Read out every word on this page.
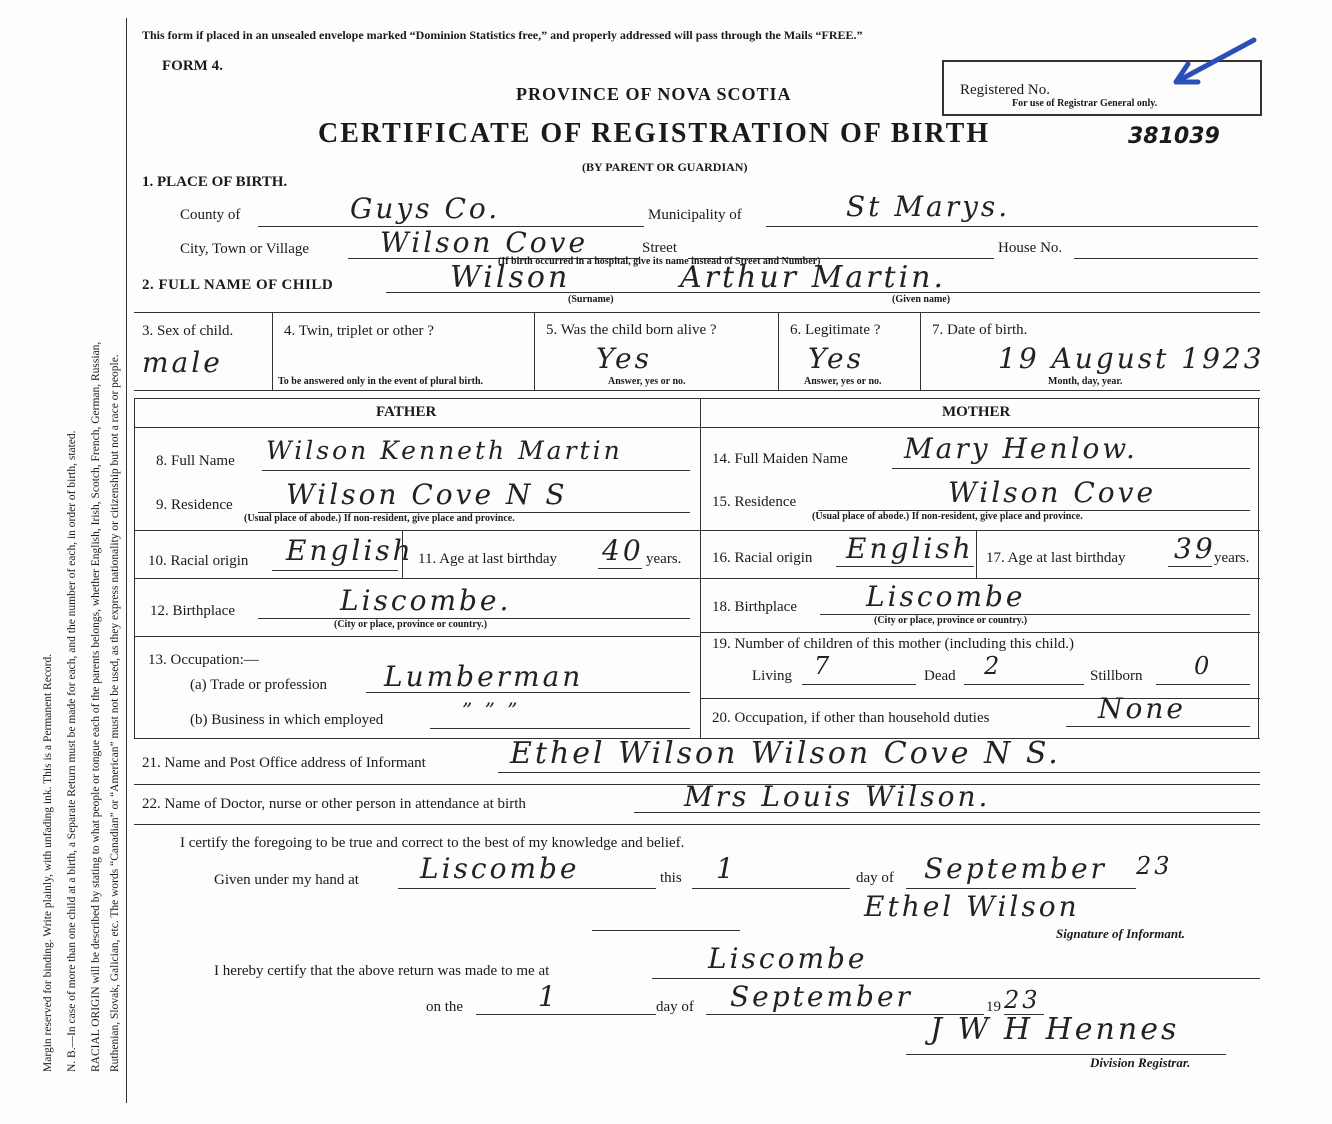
Margin reserved for binding. Write plainly, with unfading ink. This is a Permanent Record. N. B.—In case of more than one child at a birth, a Separate Return must be made for each, and the number of each, in order of birth, stated. RACIAL ORIGIN will be described by stating to what people or tongue each of the parents belongs, whether English, Irish, Scotch, French, German, Russian, Ruthenian, Slovak, Galician, etc. The words “Canadian” or “American” must not be used, as they express nationality or citizenship but not a race or people.
This form if placed in an unsealed envelope marked “Dominion Statistics free,” and properly addressed will pass through the Mails “FREE.”
FORM 4.
PROVINCE OF NOVA SCOTIA
CERTIFICATE OF REGISTRATION OF BIRTH
(BY PARENT OR GUARDIAN)
381039
Registered No.
For use of Registrar General only.
1. PLACE OF BIRTH.
County of	Guys Co.	Municipality of	St Marys.
City, Town or Village	Wilson Cove	Street	House No.
(If birth occurred in a hospital, give its name instead of Street and Number)
2. FULL NAME OF CHILD	Wilson	Arthur Martin.
(Surname)	(Given name)
3. Sex of child.
male
4. Twin, triplet or other ?
To be answered only in the event of plural birth.
5. Was the child born alive ?
Yes
Answer, yes or no.
6. Legitimate ?
Yes
Answer, yes or no.
7. Date of birth.
19 August 1923
Month, day, year.
FATHER	MOTHER
8. Full Name Wilson Kenneth Martin
9. Residence Wilson Cove N S
(Usual place of abode.) If non-resident, give place and province.
10. Racial origin English 11. Age at last birthday 40 years.
12. Birthplace	Liscombe.
(City or place, province or country.)
13. Occupation:—
(a) Trade or profession Lumberman
(b) Business in which employed	” ” ”
14. Full Maiden Name Mary Henlow.
15. Residence	Wilson Cove
(Usual place of abode.) If non-resident, give place and province.
16. Racial origin English 17. Age at last birthday 39
years.
18. Birthplace Liscombe
(City or place, province or country.)
19. Number of children of this mother (including this child.)
Living 7	Dead 2	Stillborn 0
20. Occupation, if other than household duties	None
21. Name and Post Office address of Informant	Ethel Wilson Wilson Cove N S.
22. Name of Doctor, nurse or other person in attendance at birth	Mrs Louis Wilson.
I certify the foregoing to be true and correct to the best of my knowledge and belief.
Given under my hand at Liscombe	this 1	day of September 23
Ethel Wilson
Signature of Informant.
I hereby certify that the above return was made to me at	Liscombe
on the	1	day of September	19 23
J W H Hennes
Division Registrar.
